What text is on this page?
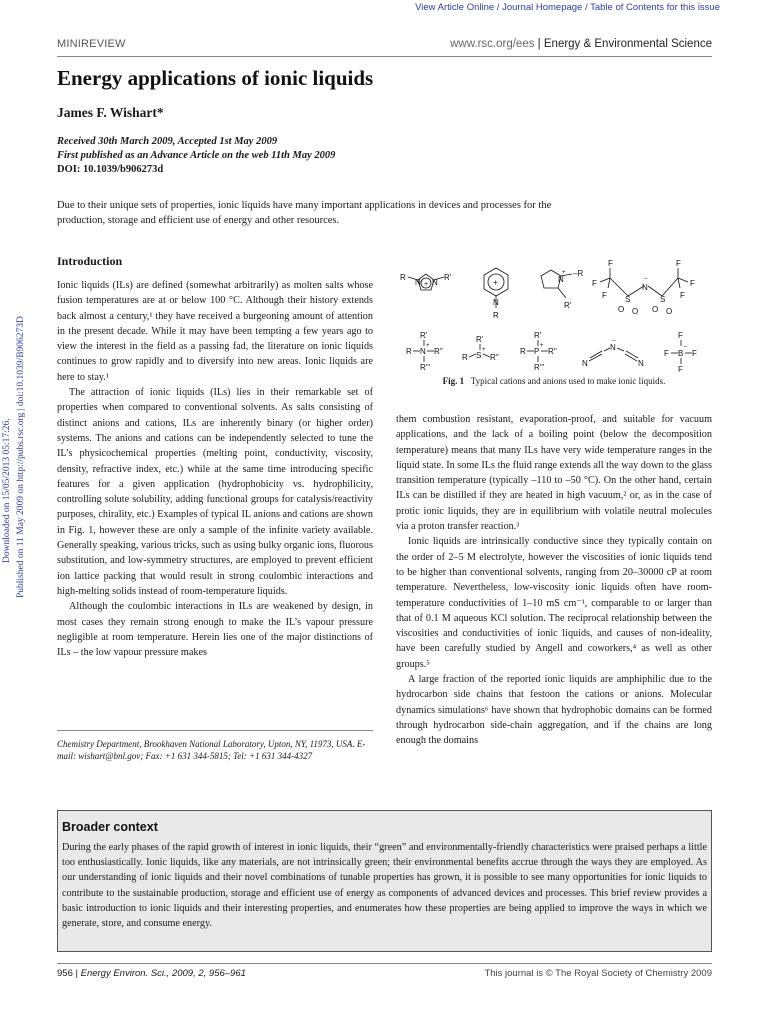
View Article Online / Journal Homepage / Table of Contents for this issue
MINIREVIEW	www.rsc.org/ees | Energy & Environmental Science
Energy applications of ionic liquids
James F. Wishart*
Received 30th March 2009, Accepted 1st May 2009
First published as an Advance Article on the web 11th May 2009
DOI: 10.1039/b906273d
Due to their unique sets of properties, ionic liquids have many important applications in devices and processes for the production, storage and efficient use of energy and other resources.
Downloaded on 15/05/2013 05:17:26. Published on 11 May 2009 on http://pubs.rsc.org | doi:10.1039/B906273D
Introduction

Ionic liquids (ILs) are defined (somewhat arbitrarily) as molten salts whose fusion temperatures are at or below 100 °C. Although their history extends back almost a century,¹ they have received a burgeoning amount of attention in the present decade. While it may have been tempting a few years ago to view the interest in the field as a passing fad, the literature on ionic liquids continues to grow rapidly and to diversify into new areas. Ionic liquids are here to stay.¹

The attraction of ionic liquids (ILs) lies in their remarkable set of properties when compared to conventional solvents. As salts consisting of distinct anions and cations, ILs are inherently binary (or higher order) systems. The anions and cations can be independently selected to tune the IL’s physicochemical properties (melting point, conductivity, viscosity, density, refractive index, etc.) while at the same time introducing specific features for a given application (hydrophobicity vs. hydrophilicity, controlling solute solubility, adding functional groups for catalysis/reactivity purposes, chirality, etc.) Examples of typical IL anions and cations are shown in Fig. 1, however these are only a sample of the infinite variety available. Generally speaking, various tricks, such as using bulky organic ions, fluorous substitution, and low-symmetry structures, are employed to prevent efficient ion lattice packing that would result in strong coulombic interactions and high-melting solids instead of room-temperature liquids.

Although the coulombic interactions in ILs are weakened by design, in most cases they remain strong enough to make the IL’s vapour pressure negligible at room temperature. Herein lies one of the major distinctions of ILs – the low vapour pressure makes

Chemistry Department, Brookhaven National Laboratory, Upton, NY, 11973, USA. E-mail: wishart@bnl.gov; Fax: +1 631 344-5815; Tel: +1 631 344-4327
+
R
N N
R'
+
N
R
N
+ –R
R'
F
F
F
F
F
F
S	S
N
–
O O O O
R'
R N
+
R''
R'''
R'
R S
+
R''
R'
R P
+
R''
R'''	N
N
–
N
F
F B
–
F
F
Fig. 1 Typical cations and anions used to make ionic liquids.

them combustion resistant, evaporation-proof, and suitable for vacuum applications, and the lack of a boiling point (below the decomposition temperature) means that many ILs have very wide temperature ranges in the liquid state. In some ILs the fluid range extends all the way down to the glass transition temperature (typically –110 to –50 °C). On the other hand, certain ILs can be distilled if they are heated in high vacuum,² or, as in the case of protic ionic liquids, they are in equilibrium with volatile neutral molecules via a proton transfer reaction.³

Ionic liquids are intrinsically conductive since they typically contain on the order of 2–5 M electrolyte, however the viscosities of ionic liquids tend to be higher than conventional solvents, ranging from 20–30000 cP at room temperature. Nevertheless, low-viscosity ionic liquids often have room-temperature conductivities of 1–10 mS cm⁻¹, comparable to or larger than that of 0.1 M aqueous KCl solution. The reciprocal relationship between the viscosities and conductivities of ionic liquids, and causes of non-ideality, have been carefully studied by Angell and coworkers,⁴ as well as other groups.⁵

A large fraction of the reported ionic liquids are amphiphilic due to the hydrocarbon side chains that festoon the cations or anions. Molecular dynamics simulations⁶ have shown that hydrophobic domains can be formed through hydrocarbon side-chain aggregation, and if the chains are long enough the domains

Broader context
During the early phases of the rapid growth of interest in ionic liquids, their “green” and environmentally-friendly characteristics were praised perhaps a little too enthusiastically. Ionic liquids, like any materials, are not intrinsically green; their environmental benefits accrue through the ways they are employed. As our understanding of ionic liquids and their novel combinations of tunable properties has grown, it is possible to see many opportunities for ionic liquids to contribute to the sustainable production, storage and efficient use of energy as components of advanced devices and processes. This brief review provides a basic introduction to ionic liquids and their interesting properties, and enumerates how these properties are being applied to improve the ways in which we generate, store, and consume energy.
956 | Energy Environ. Sci., 2009, 2, 956–961	This journal is © The Royal Society of Chemistry 2009
